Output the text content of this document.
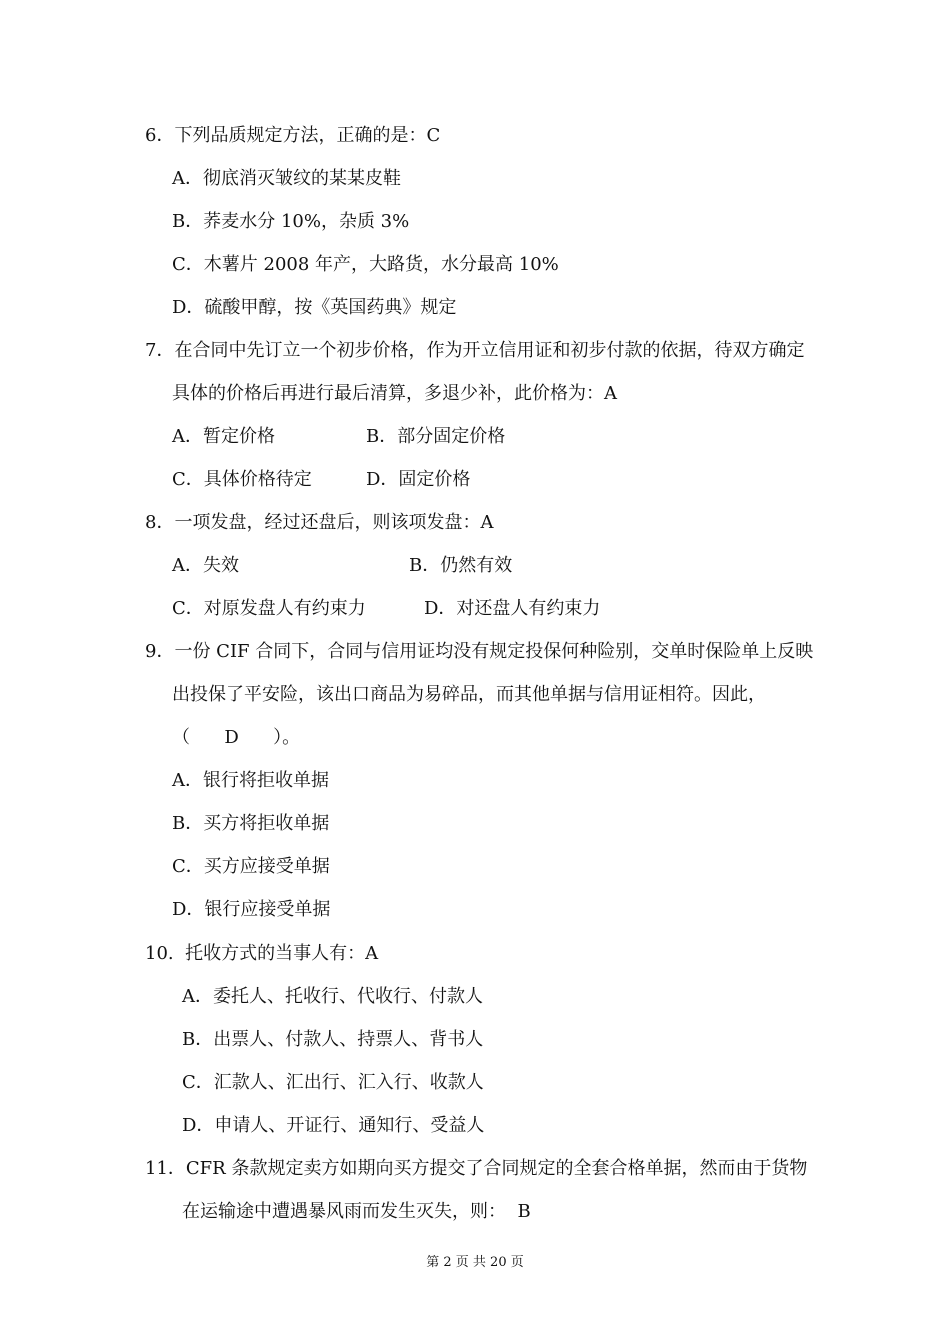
6．下列品质规定方法，正确的是：C
A．彻底消灭皱纹的某某皮鞋
B．荞麦水分 10%，杂质 3%
C．木薯片 2008 年产，大路货，水分最高 10%
D．硫酸甲醇，按《英国药典》规定
7．在合同中先订立一个初步价格，作为开立信用证和初步付款的依据，待双方确定
具体的价格后再进行最后清算，多退少补，此价格为：A
A．暂定价格	B．部分固定价格
C．具体价格待定	D．固定价格
8．一项发盘，经过还盘后，则该项发盘：A
A．失效	B．仍然有效
C．对原发盘人有约束力	D．对还盘人有约束力
9．一份 CIF 合同下，合同与信用证均没有规定投保何种险别，交单时保险单上反映
出投保了平安险，该出口商品为易碎品，而其他单据与信用证相符。因此，
（      D      ）。
A．银行将拒收单据
B．买方将拒收单据
C．买方应接受单据
D．银行应接受单据
10.  托收方式的当事人有：A
A．委托人、托收行、代收行、付款人
B．出票人、付款人、持票人、背书人
C．汇款人、汇出行、汇入行、收款人
D．申请人、开证行、通知行、受益人
11．CFR 条款规定卖方如期向买方提交了合同规定的全套合格单据，然而由于货物
在运输途中遭遇暴风雨而发生灭失，则：  B
第 2 页 共 20 页
